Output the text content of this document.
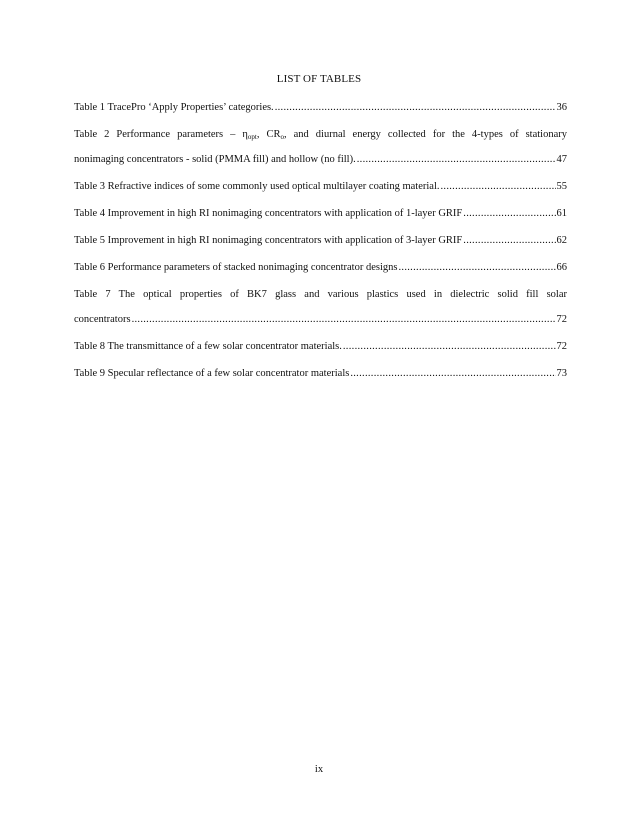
LIST OF TABLES
Table 1 TracePro ‘Apply Properties’ categories. .....	36
Table 2 Performance parameters – $\eta_{opt}$, $CR_o$, and diurnal energy collected for the 4-types of stationary
nonimaging concentrators - solid (PMMA fill) and hollow (no fill). .....	47
Table 3 Refractive indices of some commonly used optical multilayer coating material. .....	55
Table 4 Improvement in high RI nonimaging concentrators with application of 1-layer GRIF .....	61
Table 5 Improvement in high RI nonimaging concentrators with application of 3-layer GRIF .....	62
Table 6 Performance parameters of stacked nonimaging concentrator designs .....	66
Table 7 The optical properties of BK7 glass and various plastics used in dielectric solid fill solar
concentrators .....	72
Table 8 The transmittance of a few solar concentrator materials. .....	72
Table 9 Specular reflectance of a few solar concentrator materials .....	73
ix
